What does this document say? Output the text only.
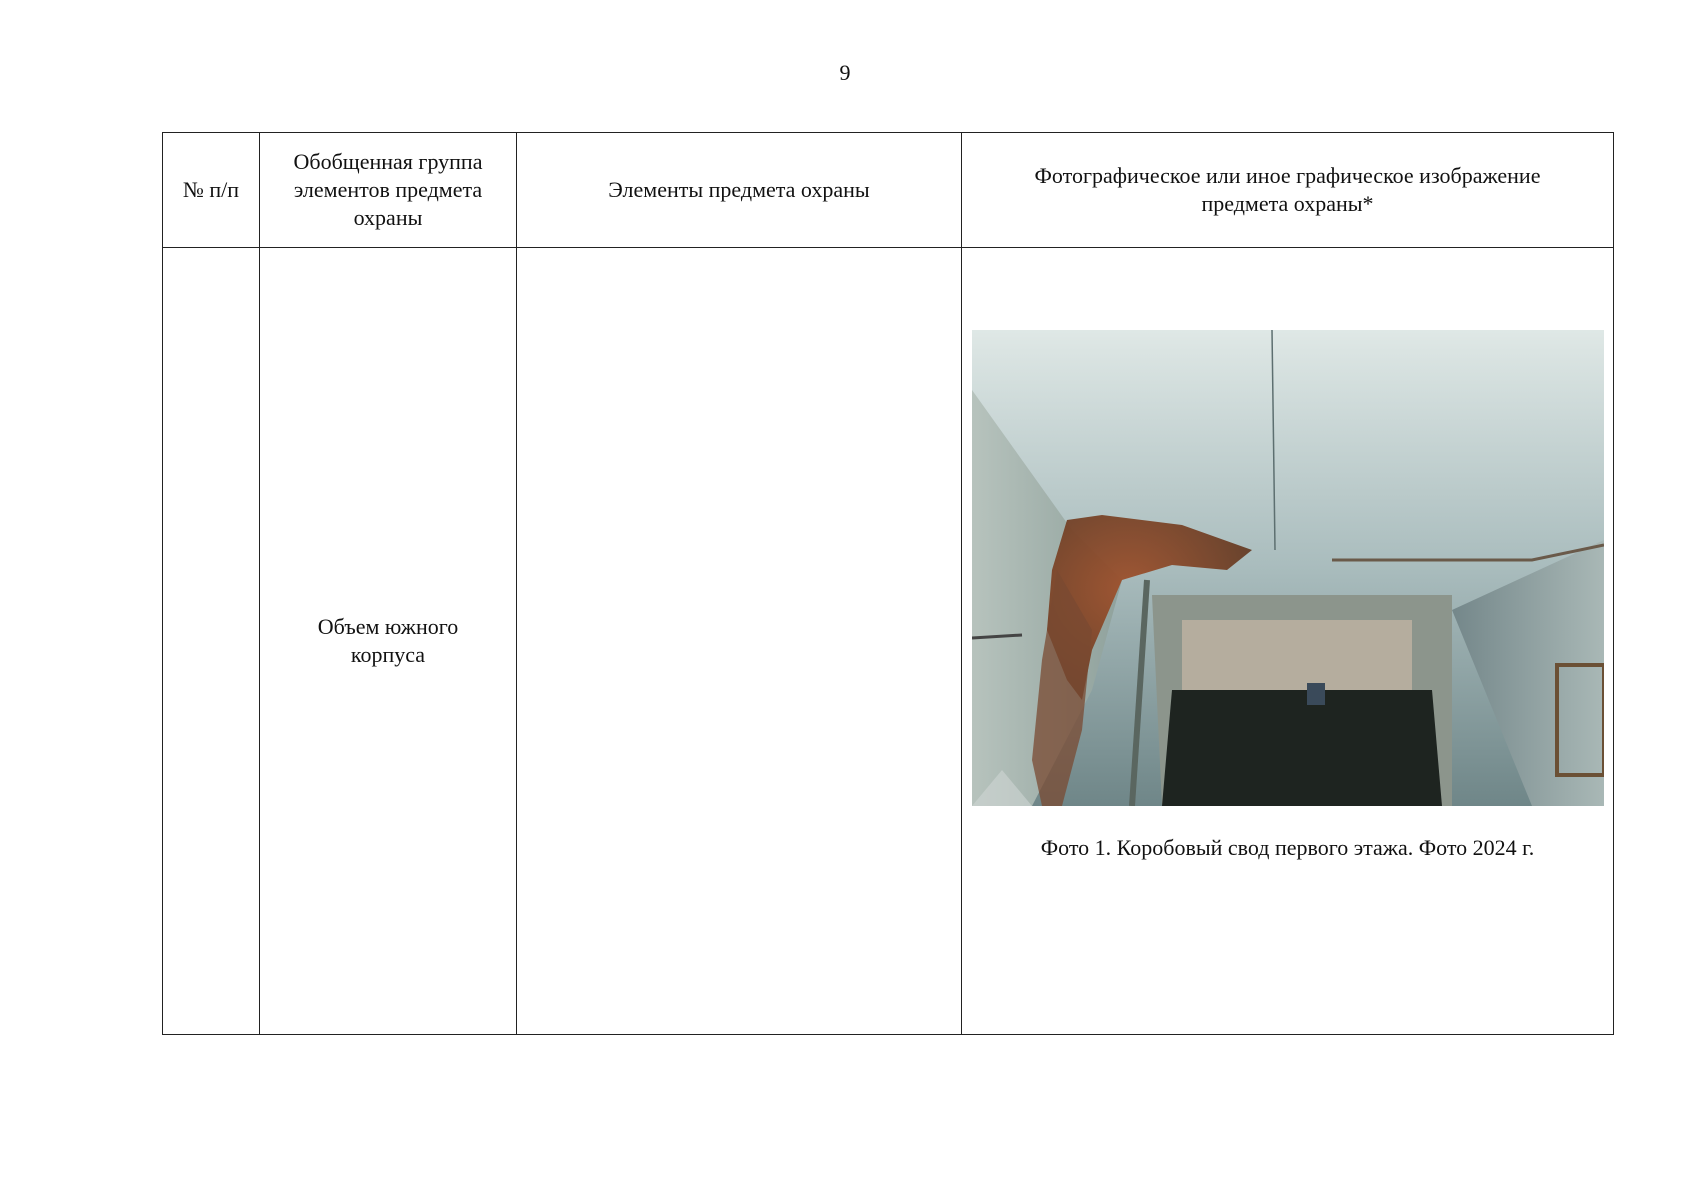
9
№ п/п	Обобщенная группа элементов предмета охраны	Элементы предмета охраны	Фотографическое или иное графическое изображение предмета охраны*

	Объем южного корпуса		Фото 1. Коробовый свод первого этажа. Фото 2024 г.
